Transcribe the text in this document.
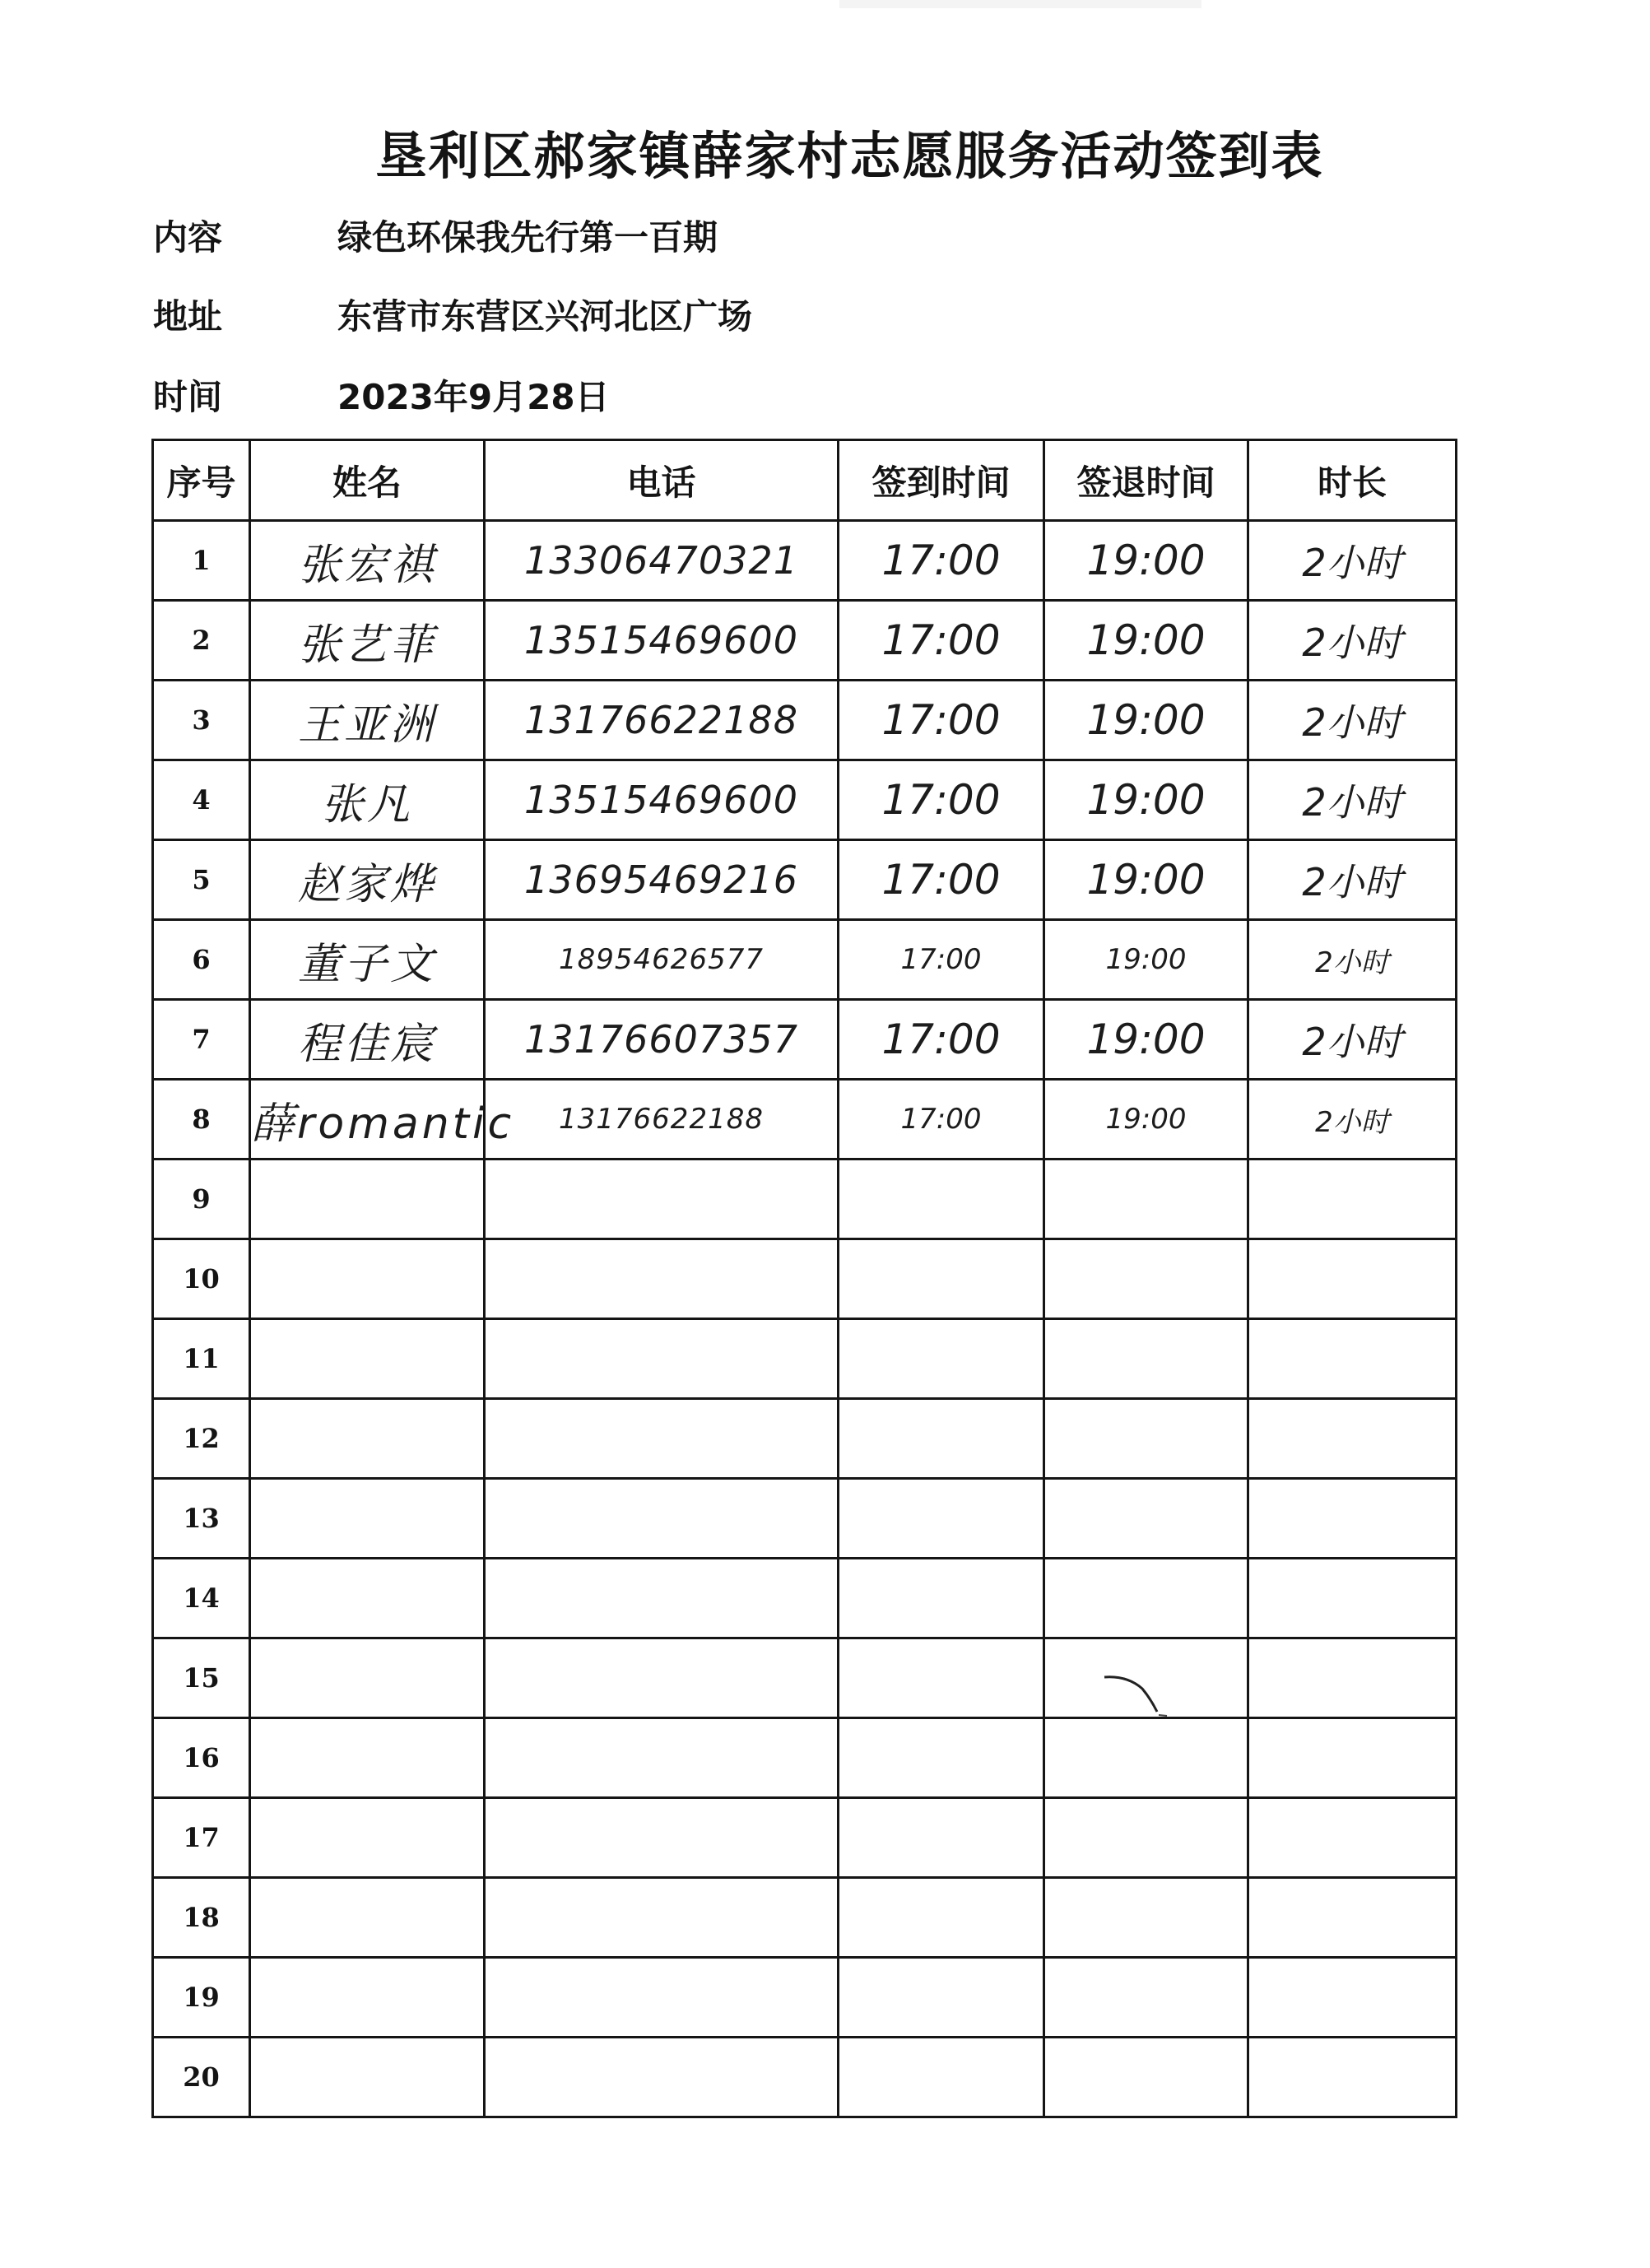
垦利区郝家镇薛家村志愿服务活动签到表
内容	绿色环保我先行第一百期
地址	东营市东营区兴河北区广场
时间	2023年9月28日
序号	姓名	电话	签到时间	签退时间	时长
1	张宏祺	13306470321	17:00	19:00	2小时
2	张艺菲	13515469600	17:00	19:00	2小时
3	王亚洲	13176622188	17:00	19:00	2小时
4	张凡	13515469600	17:00	19:00	2小时
5	赵家烨	13695469216	17:00	19:00	2小时
6	董子文	18954626577	17:00	19:00	2小时
7	程佳宸	13176607357	17:00	19:00	2小时
8	薛romantic	13176622188	17:00	19:00	2小时
9					
10					
11					
12					
13					
14					
15					
16					
17					
18					
19					
20					
